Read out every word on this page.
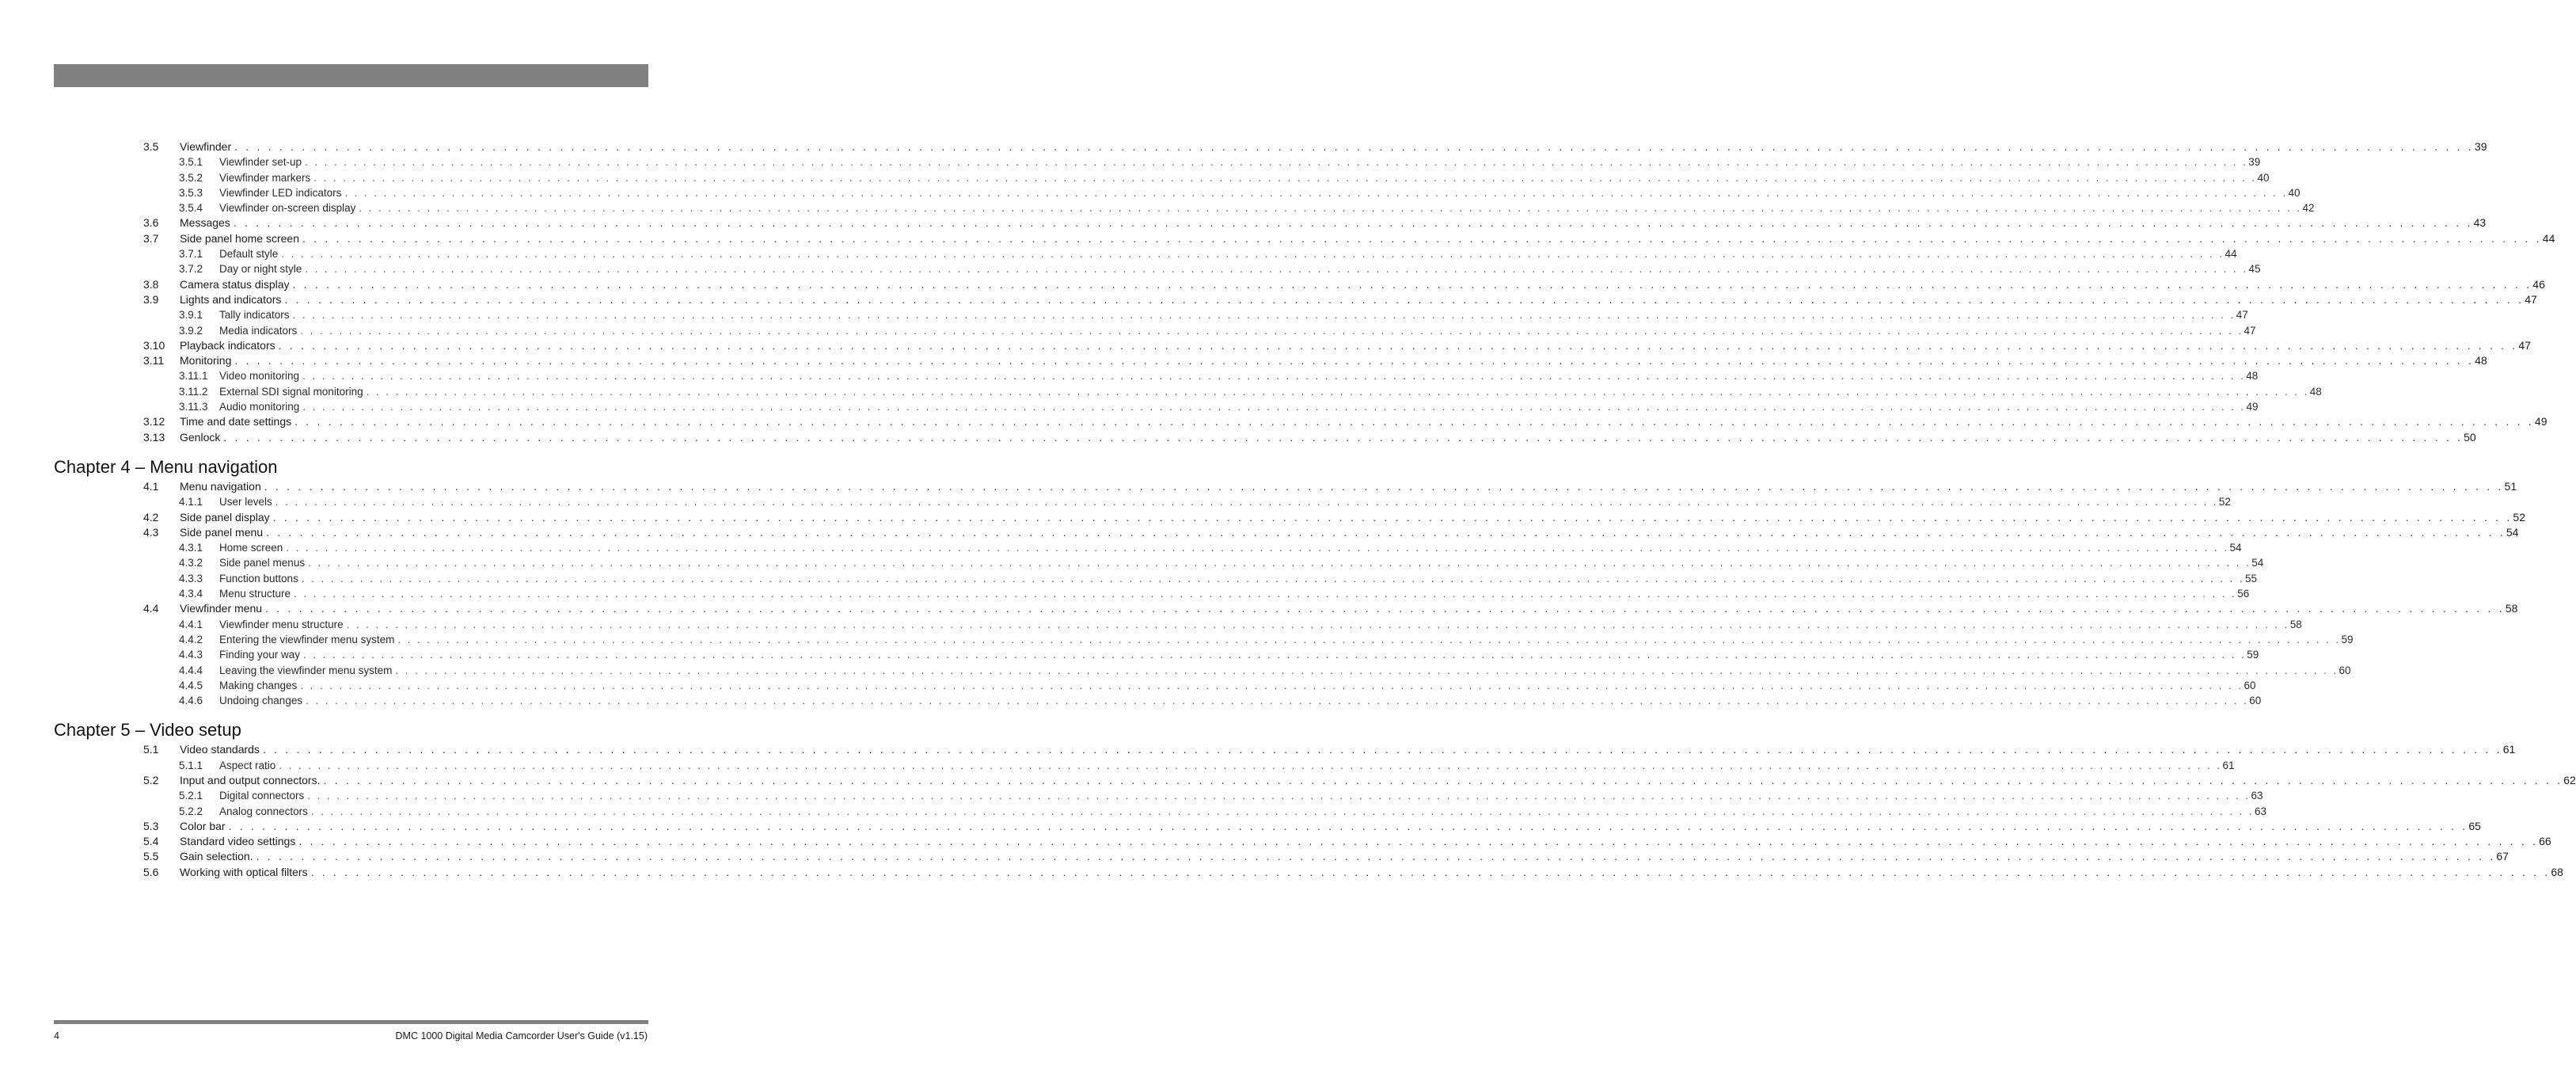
3.5 Viewfinder . . . . . . . . . . . . . . . . . . . . . . . . . . . . . . . . . . . . . . . . . . . . . . . . . . . . . . . . . . . . . . . . . . . . . . . . . . . . . . . . . . . . . . . . . . . . . . . . . . . . . . . . . . . . . . . . . . . . . . . . . . . . . . . . . . . . . . . . . . . . . . . . . . . . . . . . . . . . . . . . . . . . . . . . . . . . . . . . . . . . . . . . . . . . . . . . . . . . . . . . 39
3.5.1 Viewfinder set-up . . . . . . . . . . . . . . . . . . . . . . . . . . . . . . . . . . . . . . . . . . . . . . . . . . . . . . . . . . . . . . . . . . . . . . . . . . . . . . . . . . . . . . . . . . . . . . . . . . . . . . . . . . . . . . . . . . . . . . . . . . . . . . . . . . . . . . . . . . . . . . . . . . . . . . . . . . . . . . . . . . . . . . . . . . . . . . . . . . . . . . . . . . . . . . . . . . . . . . . . 39
3.5.2 Viewfinder markers . . . . . . . . . . . . . . . . . . . . . . . . . . . . . . . . . . . . . . . . . . . . . . . . . . . . . . . . . . . . . . . . . . . . . . . . . . . . . . . . . . . . . . . . . . . . . . . . . . . . . . . . . . . . . . . . . . . . . . . . . . . . . . . . . . . . . . . . . . . . . . . . . . . . . . . . . . . . . . . . . . . . . . . . . . . . . . . . . . . . . . . . . . . . . . . . . . . . . . . . 40
3.5.3 Viewfinder LED indicators . . . . . . . . . . . . . . . . . . . . . . . . . . . . . . . . . . . . . . . . . . . . . . . . . . . . . . . . . . . . . . . . . . . . . . . . . . . . . . . . . . . . . . . . . . . . . . . . . . . . . . . . . . . . . . . . . . . . . . . . . . . . . . . . . . . . . . . . . . . . . . . . . . . . . . . . . . . . . . . . . . . . . . . . . . . . . . . . . . . . . . . . . . . . . . . . . . . . . . . . 40
3.5.4 Viewfinder on-screen display . . . . . . . . . . . . . . . . . . . . . . . . . . . . . . . . . . . . . . . . . . . . . . . . . . . . . . . . . . . . . . . . . . . . . . . . . . . . . . . . . . . . . . . . . . . . . . . . . . . . . . . . . . . . . . . . . . . . . . . . . . . . . . . . . . . . . . . . . . . . . . . . . . . . . . . . . . . . . . . . . . . . . . . . . . . . . . . . . . . . . . . . . . . . . . . . . . . . . . . . 42
3.6 Messages . . . . . . . . . . . . . . . . . . . . . . . . . . . . . . . . . . . . . . . . . . . . . . . . . . . . . . . . . . . . . . . . . . . . . . . . . . . . . . . . . . . . . . . . . . . . . . . . . . . . . . . . . . . . . . . . . . . . . . . . . . . . . . . . . . . . . . . . . . . . . . . . . . . . . . . . . . . . . . . . . . . . . . . . . . . . . . . . . . . . . . . . . . . . . . . . . . . . . . . . 43
3.7 Side panel home screen . . . . . . . . . . . . . . . . . . . . . . . . . . . . . . . . . . . . . . . . . . . . . . . . . . . . . . . . . . . . . . . . . . . . . . . . . . . . . . . . . . . . . . . . . . . . . . . . . . . . . . . . . . . . . . . . . . . . . . . . . . . . . . . . . . . . . . . . . . . . . . . . . . . . . . . . . . . . . . . . . . . . . . . . . . . . . . . . . . . . . . . . . . . . . . . . . . . . . . . . 44
3.7.1 Default style . . . . . . . . . . . . . . . . . . . . . . . . . . . . . . . . . . . . . . . . . . . . . . . . . . . . . . . . . . . . . . . . . . . . . . . . . . . . . . . . . . . . . . . . . . . . . . . . . . . . . . . . . . . . . . . . . . . . . . . . . . . . . . . . . . . . . . . . . . . . . . . . . . . . . . . . . . . . . . . . . . . . . . . . . . . . . . . . . . . . . . . . . . . . . . . . . . . . . . . . 44
3.7.2 Day or night style . . . . . . . . . . . . . . . . . . . . . . . . . . . . . . . . . . . . . . . . . . . . . . . . . . . . . . . . . . . . . . . . . . . . . . . . . . . . . . . . . . . . . . . . . . . . . . . . . . . . . . . . . . . . . . . . . . . . . . . . . . . . . . . . . . . . . . . . . . . . . . . . . . . . . . . . . . . . . . . . . . . . . . . . . . . . . . . . . . . . . . . . . . . . . . . . . . . . . . . . 45
3.8 Camera status display . . . . . . . . . . . . . . . . . . . . . . . . . . . . . . . . . . . . . . . . . . . . . . . . . . . . . . . . . . . . . . . . . . . . . . . . . . . . . . . . . . . . . . . . . . . . . . . . . . . . . . . . . . . . . . . . . . . . . . . . . . . . . . . . . . . . . . . . . . . . . . . . . . . . . . . . . . . . . . . . . . . . . . . . . . . . . . . . . . . . . . . . . . . . . . . . . . . . . . . . 46
3.9 Lights and indicators . . . . . . . . . . . . . . . . . . . . . . . . . . . . . . . . . . . . . . . . . . . . . . . . . . . . . . . . . . . . . . . . . . . . . . . . . . . . . . . . . . . . . . . . . . . . . . . . . . . . . . . . . . . . . . . . . . . . . . . . . . . . . . . . . . . . . . . . . . . . . . . . . . . . . . . . . . . . . . . . . . . . . . . . . . . . . . . . . . . . . . . . . . . . . . . . . . . . . . . . 47
3.9.1 Tally indicators . . . . . . . . . . . . . . . . . . . . . . . . . . . . . . . . . . . . . . . . . . . . . . . . . . . . . . . . . . . . . . . . . . . . . . . . . . . . . . . . . . . . . . . . . . . . . . . . . . . . . . . . . . . . . . . . . . . . . . . . . . . . . . . . . . . . . . . . . . . . . . . . . . . . . . . . . . . . . . . . . . . . . . . . . . . . . . . . . . . . . . . . . . . . . . . . . . . . . . . . 47
3.9.2 Media indicators . . . . . . . . . . . . . . . . . . . . . . . . . . . . . . . . . . . . . . . . . . . . . . . . . . . . . . . . . . . . . . . . . . . . . . . . . . . . . . . . . . . . . . . . . . . . . . . . . . . . . . . . . . . . . . . . . . . . . . . . . . . . . . . . . . . . . . . . . . . . . . . . . . . . . . . . . . . . . . . . . . . . . . . . . . . . . . . . . . . . . . . . . . . . . . . . . . . . . . . . 47
3.10 Playback indicators . . . . . . . . . . . . . . . . . . . . . . . . . . . . . . . . . . . . . . . . . . . . . . . . . . . . . . . . . . . . . . . . . . . . . . . . . . . . . . . . . . . . . . . . . . . . . . . . . . . . . . . . . . . . . . . . . . . . . . . . . . . . . . . . . . . . . . . . . . . . . . . . . . . . . . . . . . . . . . . . . . . . . . . . . . . . . . . . . . . . . . . . . . . . . . . . . . . . . . . . 47
3.11 Monitoring . . . . . . . . . . . . . . . . . . . . . . . . . . . . . . . . . . . . . . . . . . . . . . . . . . . . . . . . . . . . . . . . . . . . . . . . . . . . . . . . . . . . . . . . . . . . . . . . . . . . . . . . . . . . . . . . . . . . . . . . . . . . . . . . . . . . . . . . . . . . . . . . . . . . . . . . . . . . . . . . . . . . . . . . . . . . . . . . . . . . . . . . . . . . . . . . . . . . . . . . 48
3.11.1 Video monitoring . . . . . . . . . . . . . . . . . . . . . . . . . . . . . . . . . . . . . . . . . . . . . . . . . . . . . . . . . . . . . . . . . . . . . . . . . . . . . . . . . . . . . . . . . . . . . . . . . . . . . . . . . . . . . . . . . . . . . . . . . . . . . . . . . . . . . . . . . . . . . . . . . . . . . . . . . . . . . . . . . . . . . . . . . . . . . . . . . . . . . . . . . . . . . . . . . . . . . . . . 48
3.11.2 External SDI signal monitoring . . . . . . . . . . . . . . . . . . . . . . . . . . . . . . . . . . . . . . . . . . . . . . . . . . . . . . . . . . . . . . . . . . . . . . . . . . . . . . . . . . . . . . . . . . . . . . . . . . . . . . . . . . . . . . . . . . . . . . . . . . . . . . . . . . . . . . . . . . . . . . . . . . . . . . . . . . . . . . . . . . . . . . . . . . . . . . . . . . . . . . . . . . . . . . . . . . . . . . . . 48
3.11.3 Audio monitoring . . . . . . . . . . . . . . . . . . . . . . . . . . . . . . . . . . . . . . . . . . . . . . . . . . . . . . . . . . . . . . . . . . . . . . . . . . . . . . . . . . . . . . . . . . . . . . . . . . . . . . . . . . . . . . . . . . . . . . . . . . . . . . . . . . . . . . . . . . . . . . . . . . . . . . . . . . . . . . . . . . . . . . . . . . . . . . . . . . . . . . . . . . . . . . . . . . . . . . . . 49
3.12 Time and date settings . . . . . . . . . . . . . . . . . . . . . . . . . . . . . . . . . . . . . . . . . . . . . . . . . . . . . . . . . . . . . . . . . . . . . . . . . . . . . . . . . . . . . . . . . . . . . . . . . . . . . . . . . . . . . . . . . . . . . . . . . . . . . . . . . . . . . . . . . . . . . . . . . . . . . . . . . . . . . . . . . . . . . . . . . . . . . . . . . . . . . . . . . . . . . . . . . . . . . . . . 49
3.13 Genlock . . . . . . . . . . . . . . . . . . . . . . . . . . . . . . . . . . . . . . . . . . . . . . . . . . . . . . . . . . . . . . . . . . . . . . . . . . . . . . . . . . . . . . . . . . . . . . . . . . . . . . . . . . . . . . . . . . . . . . . . . . . . . . . . . . . . . . . . . . . . . . . . . . . . . . . . . . . . . . . . . . . . . . . . . . . . . . . . . . . . . . . . . . . . . . . . . . . . . . . . 50
Chapter 4 – Menu navigation
4.1 Menu navigation . . . . . . . . . . . . . . . . . . . . . . . . . . . . . . . . . . . . . . . . . . . . . . . . . . . . . . . . . . . . . . . . . . . . . . . . . . . . . . . . . . . . . . . . . . . . . . . . . . . . . . . . . . . . . . . . . . . . . . . . . . . . . . . . . . . . . . . . . . . . . . . . . . . . . . . . . . . . . . . . . . . . . . . . . . . . . . . . . . . . . . . . . . . . . . . . . . . . . . . . 51
4.1.1 User levels . . . . . . . . . . . . . . . . . . . . . . . . . . . . . . . . . . . . . . . . . . . . . . . . . . . . . . . . . . . . . . . . . . . . . . . . . . . . . . . . . . . . . . . . . . . . . . . . . . . . . . . . . . . . . . . . . . . . . . . . . . . . . . . . . . . . . . . . . . . . . . . . . . . . . . . . . . . . . . . . . . . . . . . . . . . . . . . . . . . . . . . . . . . . . . . . . . . . . . . . 52
4.2 Side panel display . . . . . . . . . . . . . . . . . . . . . . . . . . . . . . . . . . . . . . . . . . . . . . . . . . . . . . . . . . . . . . . . . . . . . . . . . . . . . . . . . . . . . . . . . . . . . . . . . . . . . . . . . . . . . . . . . . . . . . . . . . . . . . . . . . . . . . . . . . . . . . . . . . . . . . . . . . . . . . . . . . . . . . . . . . . . . . . . . . . . . . . . . . . . . . . . . . . . . . . . 52
4.3 Side panel menu . . . . . . . . . . . . . . . . . . . . . . . . . . . . . . . . . . . . . . . . . . . . . . . . . . . . . . . . . . . . . . . . . . . . . . . . . . . . . . . . . . . . . . . . . . . . . . . . . . . . . . . . . . . . . . . . . . . . . . . . . . . . . . . . . . . . . . . . . . . . . . . . . . . . . . . . . . . . . . . . . . . . . . . . . . . . . . . . . . . . . . . . . . . . . . . . . . . . . . . . 54
4.3.1 Home screen . . . . . . . . . . . . . . . . . . . . . . . . . . . . . . . . . . . . . . . . . . . . . . . . . . . . . . . . . . . . . . . . . . . . . . . . . . . . . . . . . . . . . . . . . . . . . . . . . . . . . . . . . . . . . . . . . . . . . . . . . . . . . . . . . . . . . . . . . . . . . . . . . . . . . . . . . . . . . . . . . . . . . . . . . . . . . . . . . . . . . . . . . . . . . . . . . . . . . . . . 54
4.3.2 Side panel menus . . . . . . . . . . . . . . . . . . . . . . . . . . . . . . . . . . . . . . . . . . . . . . . . . . . . . . . . . . . . . . . . . . . . . . . . . . . . . . . . . . . . . . . . . . . . . . . . . . . . . . . . . . . . . . . . . . . . . . . . . . . . . . . . . . . . . . . . . . . . . . . . . . . . . . . . . . . . . . . . . . . . . . . . . . . . . . . . . . . . . . . . . . . . . . . . . . . . . . . . 54
4.3.3 Function buttons . . . . . . . . . . . . . . . . . . . . . . . . . . . . . . . . . . . . . . . . . . . . . . . . . . . . . . . . . . . . . . . . . . . . . . . . . . . . . . . . . . . . . . . . . . . . . . . . . . . . . . . . . . . . . . . . . . . . . . . . . . . . . . . . . . . . . . . . . . . . . . . . . . . . . . . . . . . . . . . . . . . . . . . . . . . . . . . . . . . . . . . . . . . . . . . . . . . . . . . . 55
4.3.4 Menu structure . . . . . . . . . . . . . . . . . . . . . . . . . . . . . . . . . . . . . . . . . . . . . . . . . . . . . . . . . . . . . . . . . . . . . . . . . . . . . . . . . . . . . . . . . . . . . . . . . . . . . . . . . . . . . . . . . . . . . . . . . . . . . . . . . . . . . . . . . . . . . . . . . . . . . . . . . . . . . . . . . . . . . . . . . . . . . . . . . . . . . . . . . . . . . . . . . . . . . . . . 56
4.4 Viewfinder menu . . . . . . . . . . . . . . . . . . . . . . . . . . . . . . . . . . . . . . . . . . . . . . . . . . . . . . . . . . . . . . . . . . . . . . . . . . . . . . . . . . . . . . . . . . . . . . . . . . . . . . . . . . . . . . . . . . . . . . . . . . . . . . . . . . . . . . . . . . . . . . . . . . . . . . . . . . . . . . . . . . . . . . . . . . . . . . . . . . . . . . . . . . . . . . . . . . . . . . . . 58
4.4.1 Viewfinder menu structure . . . . . . . . . . . . . . . . . . . . . . . . . . . . . . . . . . . . . . . . . . . . . . . . . . . . . . . . . . . . . . . . . . . . . . . . . . . . . . . . . . . . . . . . . . . . . . . . . . . . . . . . . . . . . . . . . . . . . . . . . . . . . . . . . . . . . . . . . . . . . . . . . . . . . . . . . . . . . . . . . . . . . . . . . . . . . . . . . . . . . . . . . . . . . . . . . . . . . . . . 58
4.4.2 Entering the viewfinder menu system . . . . . . . . . . . . . . . . . . . . . . . . . . . . . . . . . . . . . . . . . . . . . . . . . . . . . . . . . . . . . . . . . . . . . . . . . . . . . . . . . . . . . . . . . . . . . . . . . . . . . . . . . . . . . . . . . . . . . . . . . . . . . . . . . . . . . . . . . . . . . . . . . . . . . . . . . . . . . . . . . . . . . . . . . . . . . . . . . . . . . . . . . . . . . . . . . . . . . . . . 59
4.4.3 Finding your way . . . . . . . . . . . . . . . . . . . . . . . . . . . . . . . . . . . . . . . . . . . . . . . . . . . . . . . . . . . . . . . . . . . . . . . . . . . . . . . . . . . . . . . . . . . . . . . . . . . . . . . . . . . . . . . . . . . . . . . . . . . . . . . . . . . . . . . . . . . . . . . . . . . . . . . . . . . . . . . . . . . . . . . . . . . . . . . . . . . . . . . . . . . . . . . . . . . . . . . . 59
4.4.4 Leaving the viewfinder menu system . . . . . . . . . . . . . . . . . . . . . . . . . . . . . . . . . . . . . . . . . . . . . . . . . . . . . . . . . . . . . . . . . . . . . . . . . . . . . . . . . . . . . . . . . . . . . . . . . . . . . . . . . . . . . . . . . . . . . . . . . . . . . . . . . . . . . . . . . . . . . . . . . . . . . . . . . . . . . . . . . . . . . . . . . . . . . . . . . . . . . . . . . . . . . . . . . . . . . . . . 60
4.4.5 Making changes . . . . . . . . . . . . . . . . . . . . . . . . . . . . . . . . . . . . . . . . . . . . . . . . . . . . . . . . . . . . . . . . . . . . . . . . . . . . . . . . . . . . . . . . . . . . . . . . . . . . . . . . . . . . . . . . . . . . . . . . . . . . . . . . . . . . . . . . . . . . . . . . . . . . . . . . . . . . . . . . . . . . . . . . . . . . . . . . . . . . . . . . . . . . . . . . . . . . . . . . 60
4.4.6 Undoing changes . . . . . . . . . . . . . . . . . . . . . . . . . . . . . . . . . . . . . . . . . . . . . . . . . . . . . . . . . . . . . . . . . . . . . . . . . . . . . . . . . . . . . . . . . . . . . . . . . . . . . . . . . . . . . . . . . . . . . . . . . . . . . . . . . . . . . . . . . . . . . . . . . . . . . . . . . . . . . . . . . . . . . . . . . . . . . . . . . . . . . . . . . . . . . . . . . . . . . . . . 60
Chapter 5 – Video setup
5.1 Video standards . . . . . . . . . . . . . . . . . . . . . . . . . . . . . . . . . . . . . . . . . . . . . . . . . . . . . . . . . . . . . . . . . . . . . . . . . . . . . . . . . . . . . . . . . . . . . . . . . . . . . . . . . . . . . . . . . . . . . . . . . . . . . . . . . . . . . . . . . . . . . . . . . . . . . . . . . . . . . . . . . . . . . . . . . . . . . . . . . . . . . . . . . . . . . . . . . . . . . . . . 61
5.1.1 Aspect ratio . . . . . . . . . . . . . . . . . . . . . . . . . . . . . . . . . . . . . . . . . . . . . . . . . . . . . . . . . . . . . . . . . . . . . . . . . . . . . . . . . . . . . . . . . . . . . . . . . . . . . . . . . . . . . . . . . . . . . . . . . . . . . . . . . . . . . . . . . . . . . . . . . . . . . . . . . . . . . . . . . . . . . . . . . . . . . . . . . . . . . . . . . . . . . . . . . . . . . . . . 61
5.2 Input and output connectors. . . . . . . . . . . . . . . . . . . . . . . . . . . . . . . . . . . . . . . . . . . . . . . . . . . . . . . . . . . . . . . . . . . . . . . . . . . . . . . . . . . . . . . . . . . . . . . . . . . . . . . . . . . . . . . . . . . . . . . . . . . . . . . . . . . . . . . . . . . . . . . . . . . . . . . . . . . . . . . . . . . . . . . . . . . . . . . . . . . . . . . . . . . . . . . . . . . . . . . . . 62
5.2.1 Digital connectors . . . . . . . . . . . . . . . . . . . . . . . . . . . . . . . . . . . . . . . . . . . . . . . . . . . . . . . . . . . . . . . . . . . . . . . . . . . . . . . . . . . . . . . . . . . . . . . . . . . . . . . . . . . . . . . . . . . . . . . . . . . . . . . . . . . . . . . . . . . . . . . . . . . . . . . . . . . . . . . . . . . . . . . . . . . . . . . . . . . . . . . . . . . . . . . . . . . . . . . . 63
5.2.2 Analog connectors . . . . . . . . . . . . . . . . . . . . . . . . . . . . . . . . . . . . . . . . . . . . . . . . . . . . . . . . . . . . . . . . . . . . . . . . . . . . . . . . . . . . . . . . . . . . . . . . . . . . . . . . . . . . . . . . . . . . . . . . . . . . . . . . . . . . . . . . . . . . . . . . . . . . . . . . . . . . . . . . . . . . . . . . . . . . . . . . . . . . . . . . . . . . . . . . . . . . . . . . 63
5.3 Color bar . . . . . . . . . . . . . . . . . . . . . . . . . . . . . . . . . . . . . . . . . . . . . . . . . . . . . . . . . . . . . . . . . . . . . . . . . . . . . . . . . . . . . . . . . . . . . . . . . . . . . . . . . . . . . . . . . . . . . . . . . . . . . . . . . . . . . . . . . . . . . . . . . . . . . . . . . . . . . . . . . . . . . . . . . . . . . . . . . . . . . . . . . . . . . . . . . . . . . . . . 65
5.4 Standard video settings . . . . . . . . . . . . . . . . . . . . . . . . . . . . . . . . . . . . . . . . . . . . . . . . . . . . . . . . . . . . . . . . . . . . . . . . . . . . . . . . . . . . . . . . . . . . . . . . . . . . . . . . . . . . . . . . . . . . . . . . . . . . . . . . . . . . . . . . . . . . . . . . . . . . . . . . . . . . . . . . . . . . . . . . . . . . . . . . . . . . . . . . . . . . . . . . . . . . . . . . 66
5.5 Gain selection. . . . . . . . . . . . . . . . . . . . . . . . . . . . . . . . . . . . . . . . . . . . . . . . . . . . . . . . . . . . . . . . . . . . . . . . . . . . . . . . . . . . . . . . . . . . . . . . . . . . . . . . . . . . . . . . . . . . . . . . . . . . . . . . . . . . . . . . . . . . . . . . . . . . . . . . . . . . . . . . . . . . . . . . . . . . . . . . . . . . . . . . . . . . . . . . . . . . . . . . . 67
5.6 Working with optical filters . . . . . . . . . . . . . . . . . . . . . . . . . . . . . . . . . . . . . . . . . . . . . . . . . . . . . . . . . . . . . . . . . . . . . . . . . . . . . . . . . . . . . . . . . . . . . . . . . . . . . . . . . . . . . . . . . . . . . . . . . . . . . . . . . . . . . . . . . . . . . . . . . . . . . . . . . . . . . . . . . . . . . . . . . . . . . . . . . . . . . . . . . . . . . . . . . . . . . . . . 68
4	DMC 1000 Digital Media Camcorder User's Guide (v1.15)
